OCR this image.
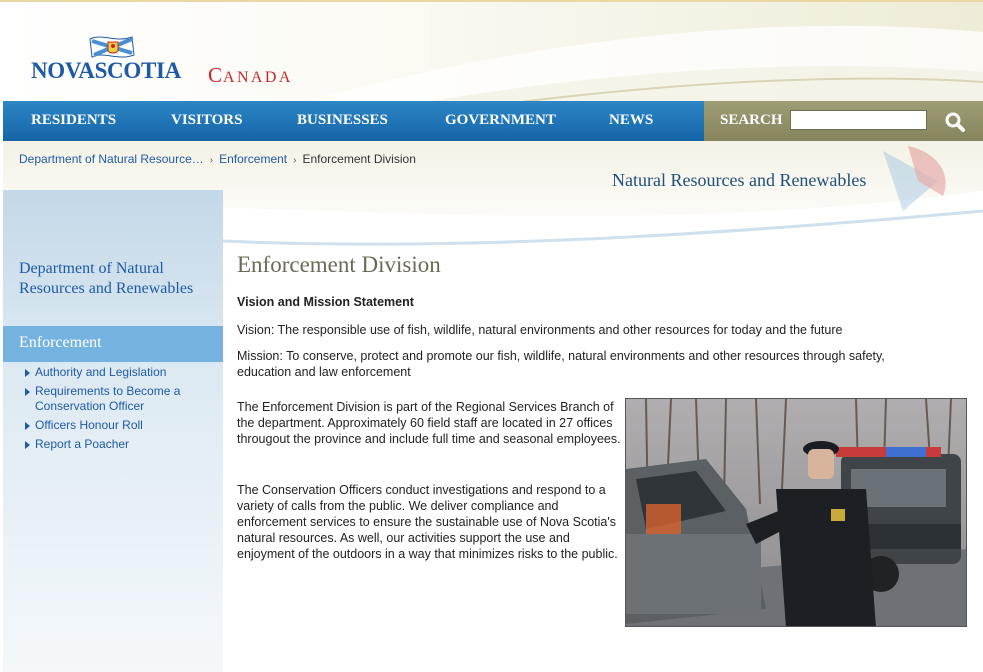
NOVASCOTIA CANADA
RESIDENTS	VISITORS	BUSINESSES	GOVERNMENT	NEWS	SEARCH
Department of Natural Resource… › Enforcement › Enforcement Division
Natural Resources and Renewables
Department of Natural Resources and Renewables
Enforcement
Authority and Legislation
Requirements to Become a Conservation Officer
Officers Honour Roll
Report a Poacher
Enforcement Division
Vision and Mission Statement

Vision: The responsible use of fish, wildlife, natural environments and other resources for today and the future

Mission: To conserve, protect and promote our fish, wildlife, natural environments and other resources through safety, education and law enforcement

The Enforcement Division is part of the Regional Services Branch of the department. Approximately 60 field staff are located in 27 offices througout the province and include full time and seasonal employees.

The Conservation Officers conduct investigations and respond to a variety of calls from the public. We deliver compliance and enforcement services to ensure the sustainable use of Nova Scotia's natural resources. As well, our activities support the use and enjoyment of the outdoors in a way that minimizes risks to the public.
